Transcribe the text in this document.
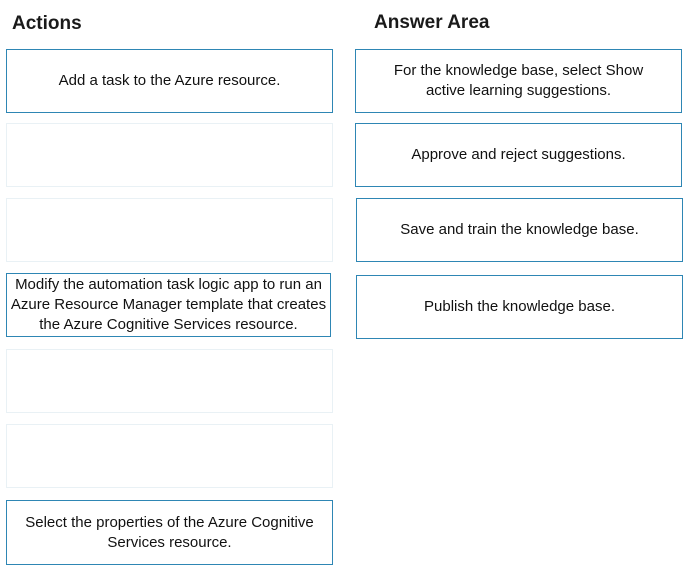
Actions	Answer Area
Add a task to the Azure resource.
Modify the automation task logic app to run an Azure Resource Manager template that creates the Azure Cognitive Services resource.
Select the properties of the Azure Cognitive Services resource.
For the knowledge base, select Show active learning suggestions.
Approve and reject suggestions.
Save and train the knowledge base.
Publish the knowledge base.
